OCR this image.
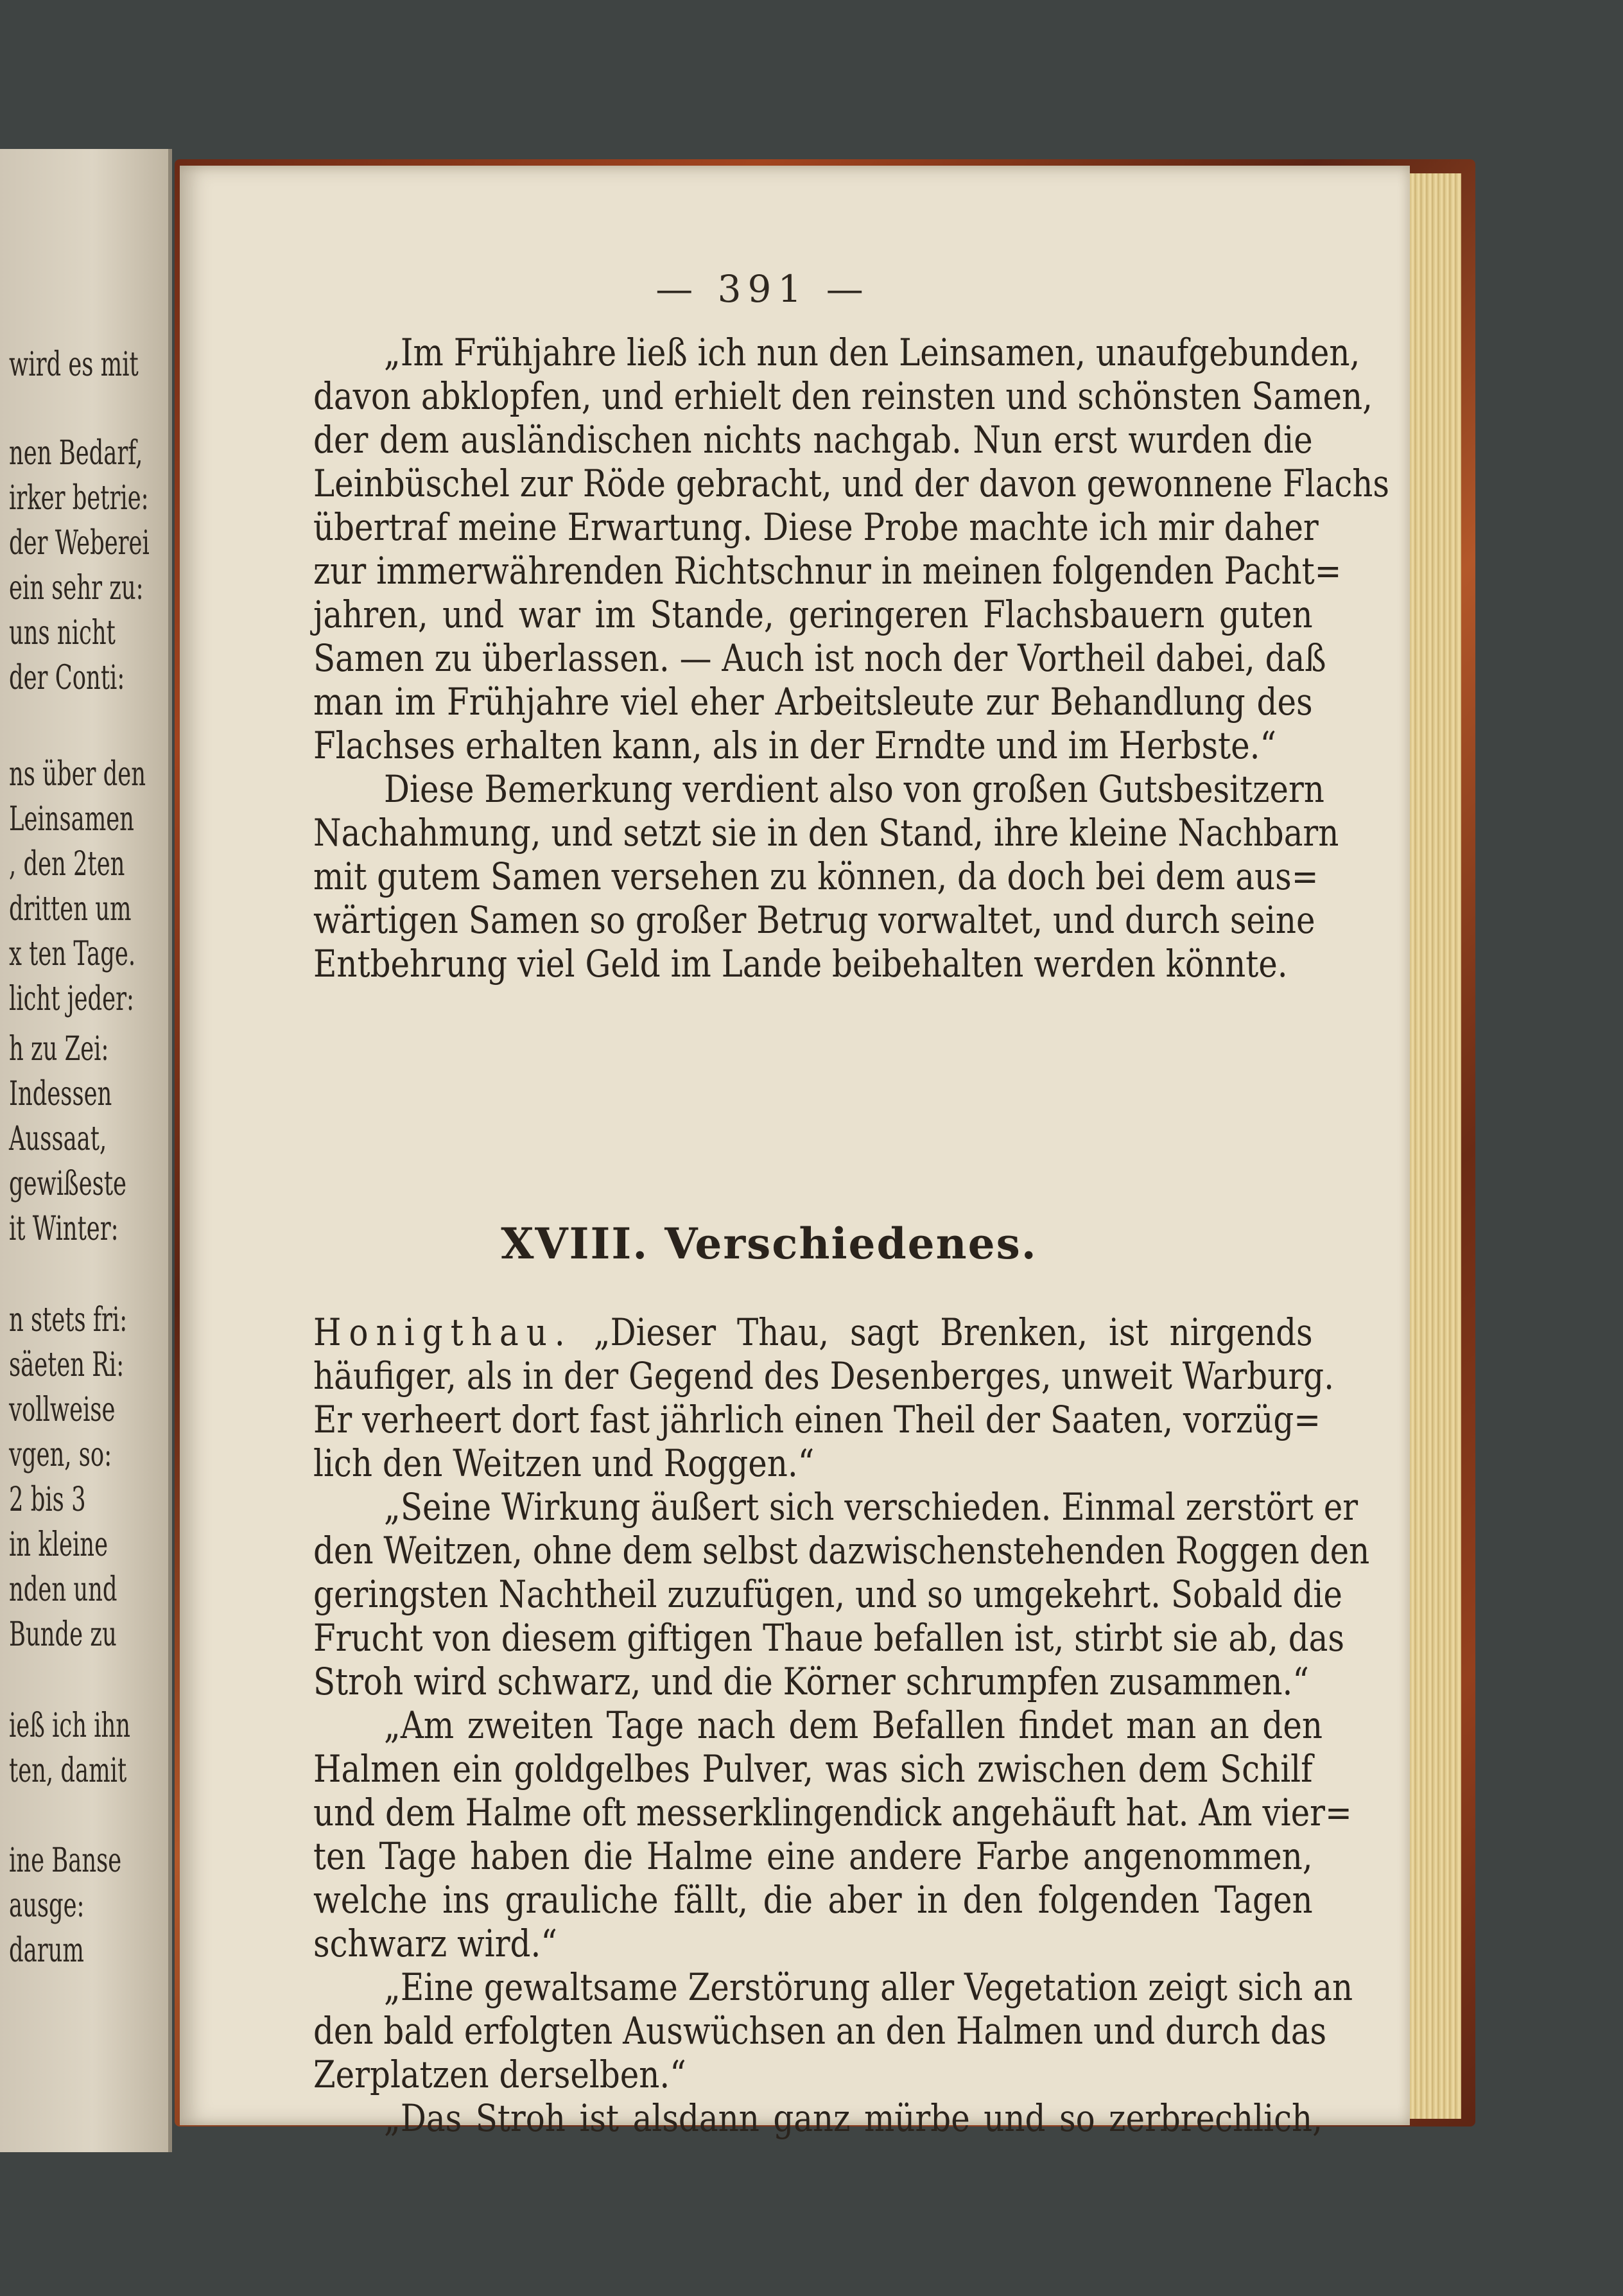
wird es mit
nen Bedarf,
irker betrie:
der Weberei
ein sehr zu:
uns nicht
der Conti:
ns über den
Leinsamen
, den 2ten
dritten um
x ten Tage.
licht jeder:
h zu Zei:
Indessen
Aussaat,
gewißeste
it Winter:
n stets fri:
säeten Ri:
vollweise
vgen, so:
2 bis 3
in kleine
nden und
Bunde zu
ieß ich ihn
ten, damit
ine Banse
ausge:
darum
— 391 —
„Im Frühjahre ließ ich nun den Leinsamen, unaufgebunden,
davon abklopfen, und erhielt den reinsten und schönsten Samen,
der dem ausländischen nichts nachgab. Nun erst wurden die
Leinbüschel zur Röde gebracht, und der davon gewonnene Flachs
übertraf meine Erwartung. Diese Probe machte ich mir daher
zur immerwährenden Richtschnur in meinen folgenden Pacht=
jahren, und war im Stande, geringeren Flachsbauern guten
Samen zu überlassen. — Auch ist noch der Vortheil dabei, daß
man im Frühjahre viel eher Arbeitsleute zur Behandlung des
Flachses erhalten kann, als in der Erndte und im Herbste.“
Diese Bemerkung verdient also von großen Gutsbesitzern
Nachahmung, und setzt sie in den Stand, ihre kleine Nachbarn
mit gutem Samen versehen zu können, da doch bei dem aus=
wärtigen Samen so großer Betrug vorwaltet, und durch seine
Entbehrung viel Geld im Lande beibehalten werden könnte.
XVIII. Verschiedenes.
Honigthau. „Dieser Thau, sagt Brenken, ist nirgends
häufiger, als in der Gegend des Desenberges, unweit Warburg.
Er verheert dort fast jährlich einen Theil der Saaten, vorzüg=
lich den Weitzen und Roggen.“
„Seine Wirkung äußert sich verschieden. Einmal zerstört er
den Weitzen, ohne dem selbst dazwischenstehenden Roggen den
geringsten Nachtheil zuzufügen, und so umgekehrt. Sobald die
Frucht von diesem giftigen Thaue befallen ist, stirbt sie ab, das
Stroh wird schwarz, und die Körner schrumpfen zusammen.“
„Am zweiten Tage nach dem Befallen findet man an den
Halmen ein goldgelbes Pulver, was sich zwischen dem Schilf
und dem Halme oft messerklingendick angehäuft hat. Am vier=
ten Tage haben die Halme eine andere Farbe angenommen,
welche ins grauliche fällt, die aber in den folgenden Tagen
schwarz wird.“
„Eine gewaltsame Zerstörung aller Vegetation zeigt sich an
den bald erfolgten Auswüchsen an den Halmen und durch das
Zerplatzen derselben.“
„Das Stroh ist alsdann ganz mürbe und so zerbrechlich,
